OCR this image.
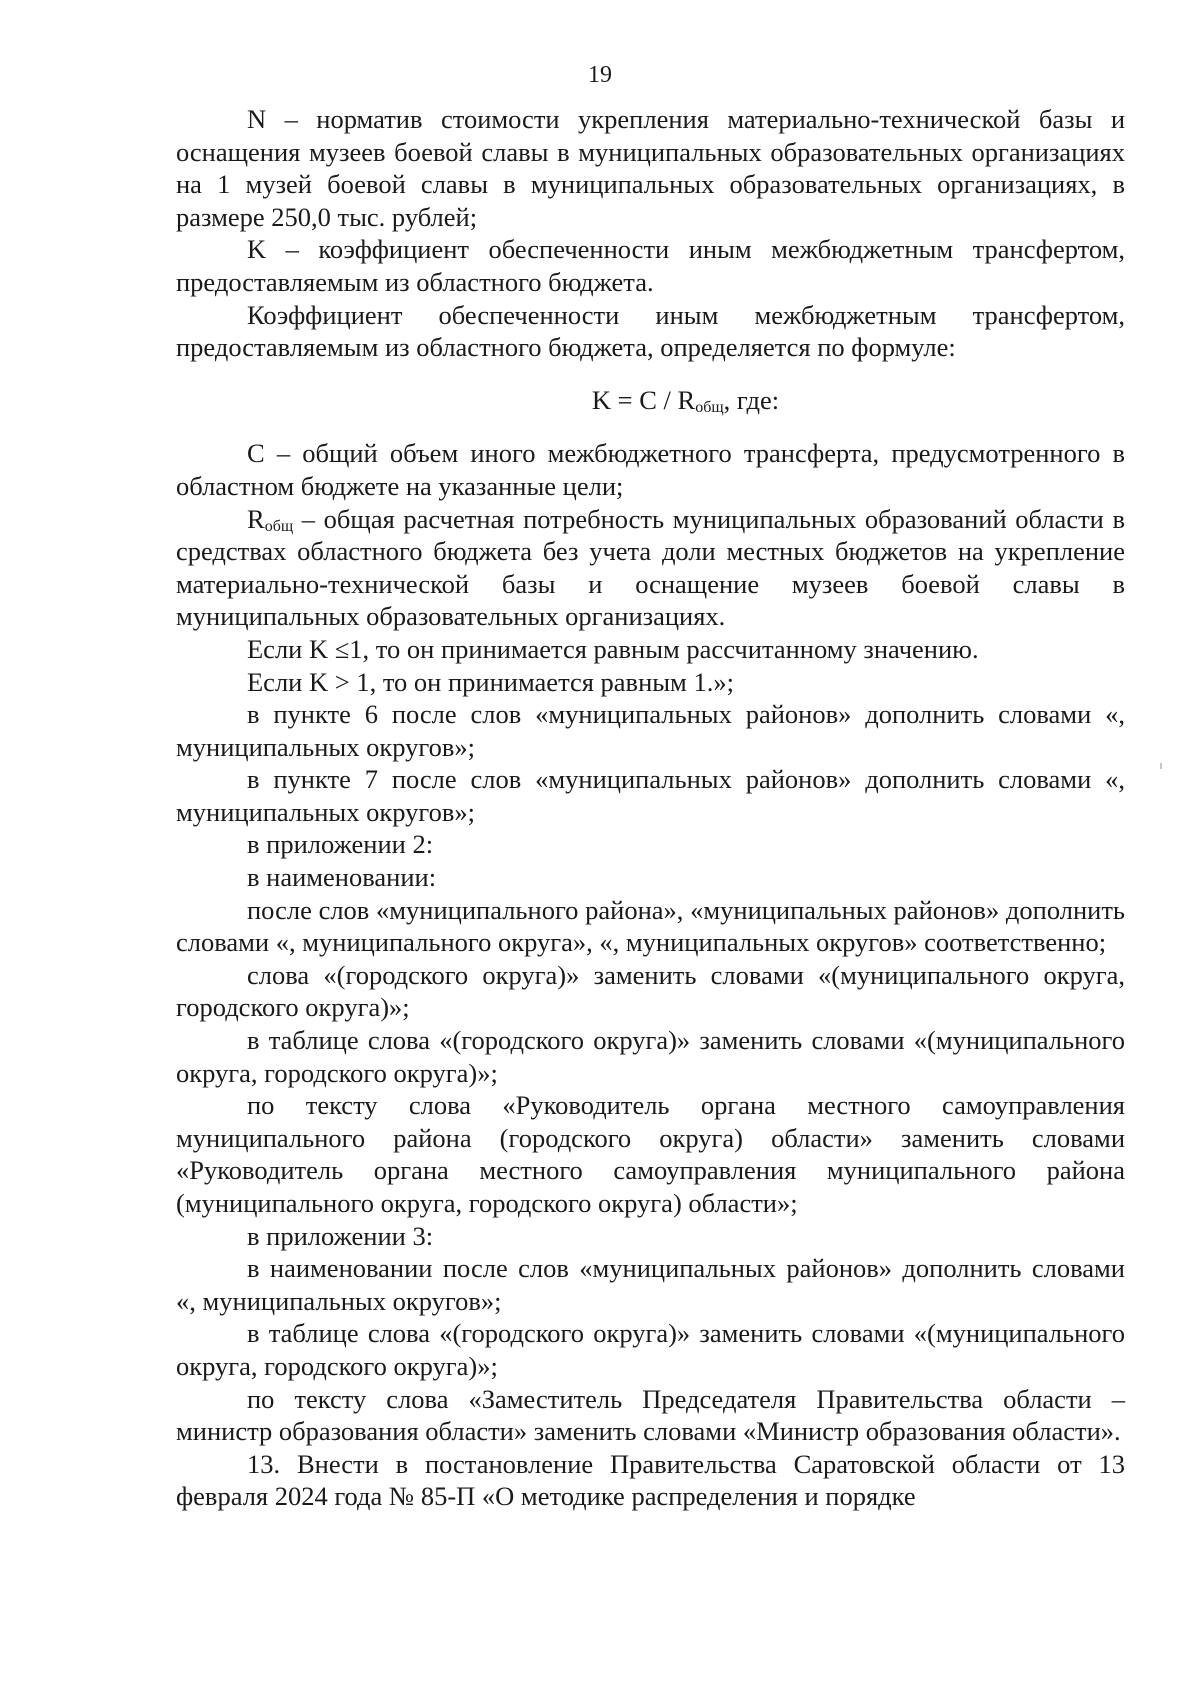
19

N – норматив стоимости укрепления материально-технической базы и оснащения музеев боевой славы в муниципальных образовательных организациях на 1 музей боевой славы в муниципальных образовательных организациях, в размере 250,0 тыс. рублей;

K – коэффициент обеспеченности иным межбюджетным трансфертом, предоставляемым из областного бюджета.

Коэффициент обеспеченности иным межбюджетным трансфертом, предоставляемым из областного бюджета, определяется по формуле:

$K = C / R_{общ}$, где:

С – общий объем иного межбюджетного трансферта, предусмотренного в областном бюджете на указанные цели;

$R_{общ}$ – общая расчетная потребность муниципальных образований области в средствах областного бюджета без учета доли местных бюджетов на укрепление материально-технической базы и оснащение музеев боевой славы в муниципальных образовательных организациях.

Если K ≤1, то он принимается равным рассчитанному значению.

Если K > 1, то он принимается равным 1.»;

в пункте 6 после слов «муниципальных районов» дополнить словами «, муниципальных округов»;

в пункте 7 после слов «муниципальных районов» дополнить словами «, муниципальных округов»;

в приложении 2:

в наименовании:

после слов «муниципального района», «муниципальных районов» дополнить словами «, муниципального округа», «, муниципальных округов» соответственно;

слова «(городского округа)» заменить словами «(муниципального округа, городского округа)»;

в таблице слова «(городского округа)» заменить словами «(муниципального округа, городского округа)»;

по тексту слова «Руководитель органа местного самоуправления муниципального района (городского округа) области» заменить словами «Руководитель органа местного самоуправления муниципального района (муниципального округа, городского округа) области»;

в приложении 3:

в наименовании после слов «муниципальных районов» дополнить словами «, муниципальных округов»;

в таблице слова «(городского округа)» заменить словами «(муниципального округа, городского округа)»;

по тексту слова «Заместитель Председателя Правительства области – министр образования области» заменить словами «Министр образования области».

13. Внести в постановление Правительства Саратовской области от 13 февраля 2024 года № 85-П «О методике распределения и порядке
